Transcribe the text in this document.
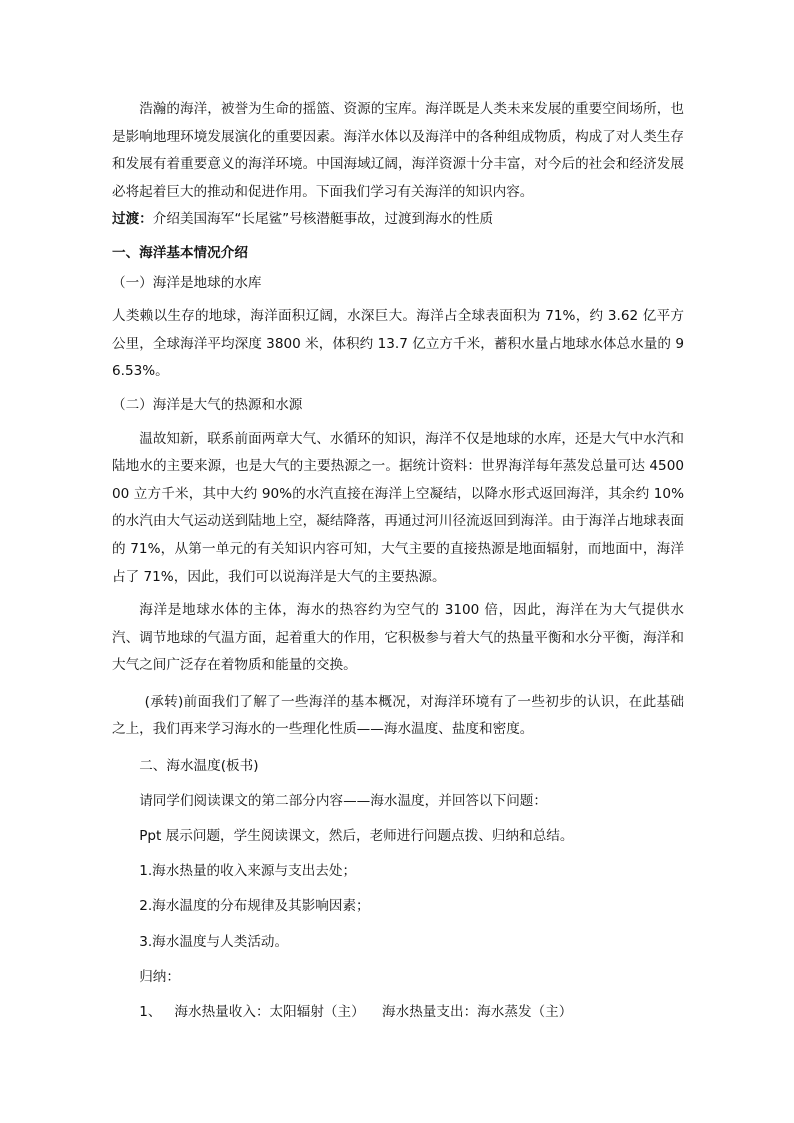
浩瀚的海洋，被誉为生命的摇篮、资源的宝库。海洋既是人类未来发展的重要空间场所，也是影响地理环境发展演化的重要因素。海洋水体以及海洋中的各种组成物质，构成了对人类生存和发展有着重要意义的海洋环境。中国海域辽阔，海洋资源十分丰富，对今后的社会和经济发展必将起着巨大的推动和促进作用。下面我们学习有关海洋的知识内容。

过渡：介绍美国海军“长尾鲨”号核潜艇事故，过渡到海水的性质

一、海洋基本情况介绍

（一）海洋是地球的水库

人类赖以生存的地球，海洋面积辽阔，水深巨大。海洋占全球表面积为 71%，约 3.62 亿平方公里，全球海洋平均深度 3800 米，体积约 13.7 亿立方千米，蓄积水量占地球水体总水量的 96.53%。

（二）海洋是大气的热源和水源

温故知新，联系前面两章大气、水循环的知识，海洋不仅是地球的水库，还是大气中水汽和陆地水的主要来源，也是大气的主要热源之一。据统计资料：世界海洋每年蒸发总量可达 450000 立方千米，其中大约 90%的水汽直接在海洋上空凝结，以降水形式返回海洋，其余约 10%的水汽由大气运动送到陆地上空，凝结降落，再通过河川径流返回到海洋。由于海洋占地球表面的 71%，从第一单元的有关知识内容可知，大气主要的直接热源是地面辐射，而地面中，海洋占了 71%，因此，我们可以说海洋是大气的主要热源。

海洋是地球水体的主体，海水的热容约为空气的 3100 倍，因此，海洋在为大气提供水汽、调节地球的气温方面，起着重大的作用，它积极参与着大气的热量平衡和水分平衡，海洋和大气之间广泛存在着物质和能量的交换。

(承转)前面我们了解了一些海洋的基本概况，对海洋环境有了一些初步的认识，在此基础之上，我们再来学习海水的一些理化性质——海水温度、盐度和密度。

二、海水温度(板书)

请同学们阅读课文的第二部分内容——海水温度，并回答以下问题：

Ppt 展示问题，学生阅读课文，然后，老师进行问题点拨、归纳和总结。

1.海水热量的收入来源与支出去处；

2.海水温度的分布规律及其影响因素；

3.海水温度与人类活动。

归纳：

1、 海水热量收入：太阳辐射（主）    海水热量支出：海水蒸发（主）
